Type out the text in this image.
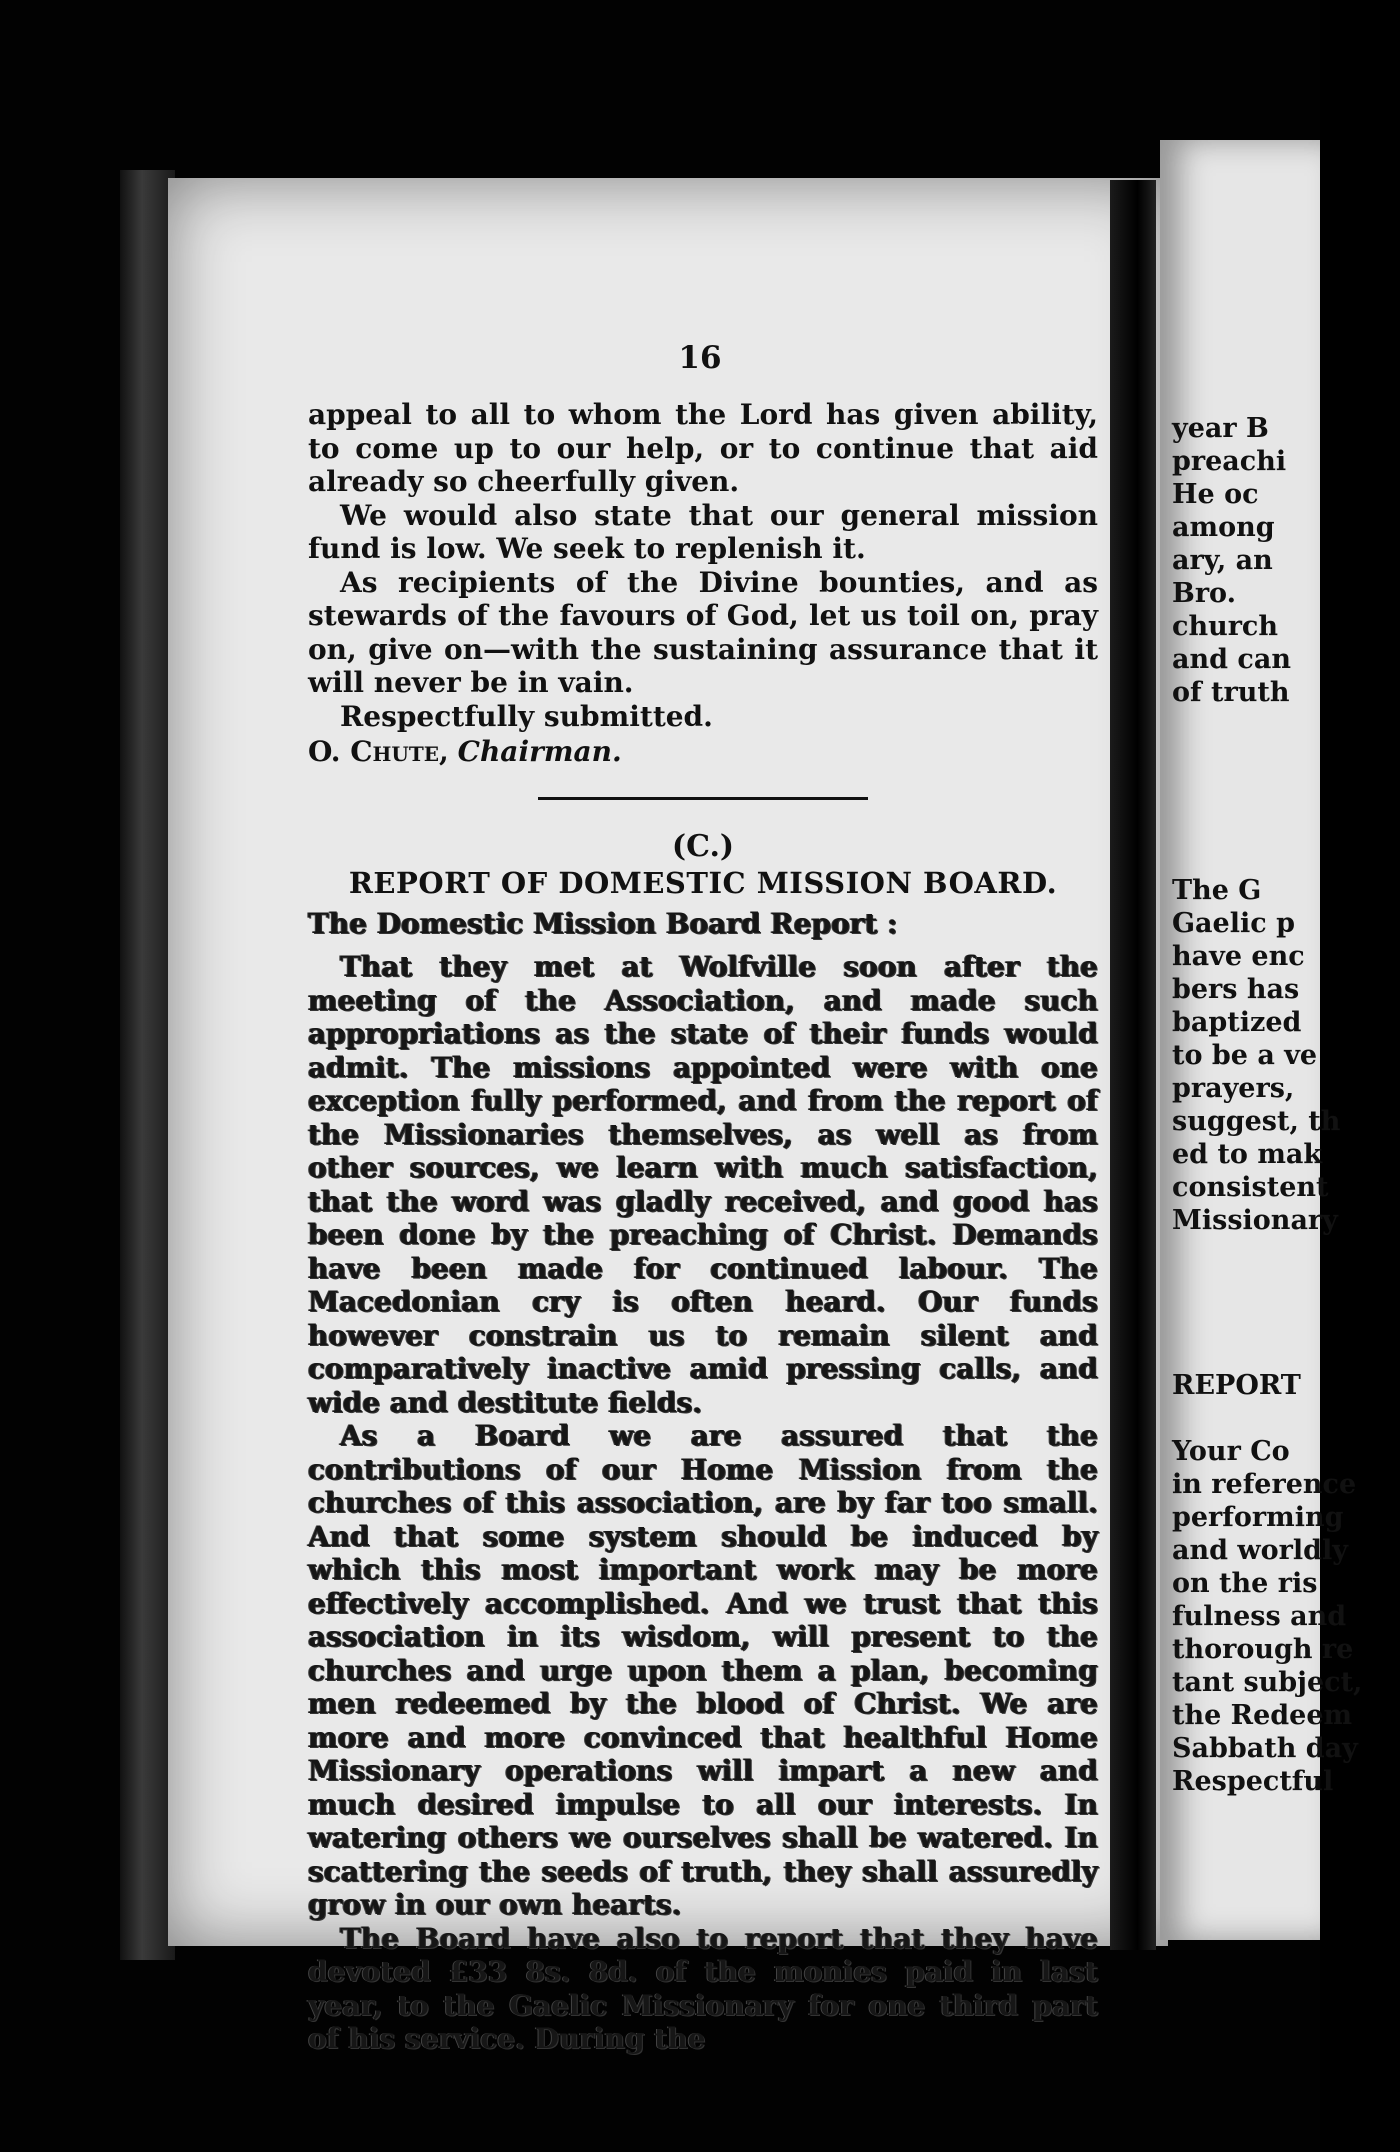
year B
preachi
He oc
among
ary, an
Bro.
church
and can
of truth
The G
Gaelic p
have enc
bers has
baptized
to be a ve
prayers,
suggest, th
ed to mak
consistent
Missionary
REPORT
Your Co
in reference
performing
and worldly
on the ris
fulness and
thorough re
tant subject,
the Redeem
Sabbath day
Respectful
16

appeal to all to whom the Lord has given ability, to come up to our help, or to continue that aid already so cheerfully given.

We would also state that our general mission fund is low. We seek to replenish it.

As recipients of the Divine bounties, and as stewards of the favours of God, let us toil on, pray on, give on—with the sustaining assurance that it will never be in vain.

Respectfully submitted.

O. Chute, Chairman.

(C.)

REPORT OF DOMESTIC MISSION BOARD.

The Domestic Mission Board Report :

That they met at Wolfville soon after the meeting of the Association, and made such appropriations as the state of their funds would admit. The missions appointed were with one exception fully performed, and from the report of the Missionaries themselves, as well as from other sources, we learn with much satisfaction, that the word was gladly received, and good has been done by the preaching of Christ. Demands have been made for continued labour. The Macedonian cry is often heard. Our funds however constrain us to remain silent and comparatively inactive amid pressing calls, and wide and destitute fields.

As a Board we are assured that the contributions of our Home Mission from the churches of this association, are by far too small. And that some system should be induced by which this most important work may be more effectively accomplished. And we trust that this association in its wisdom, will present to the churches and urge upon them a plan, becoming men redeemed by the blood of Christ. We are more and more convinced that healthful Home Missionary operations will impart a new and much desired impulse to all our interests. In watering others we ourselves shall be watered. In scattering the seeds of truth, they shall assuredly grow in our own hearts.

The Board have also to report that they have devoted £33 8s. 8d. of the monies paid in last year, to the Gaelic Missionary for one third part of his service. During the
